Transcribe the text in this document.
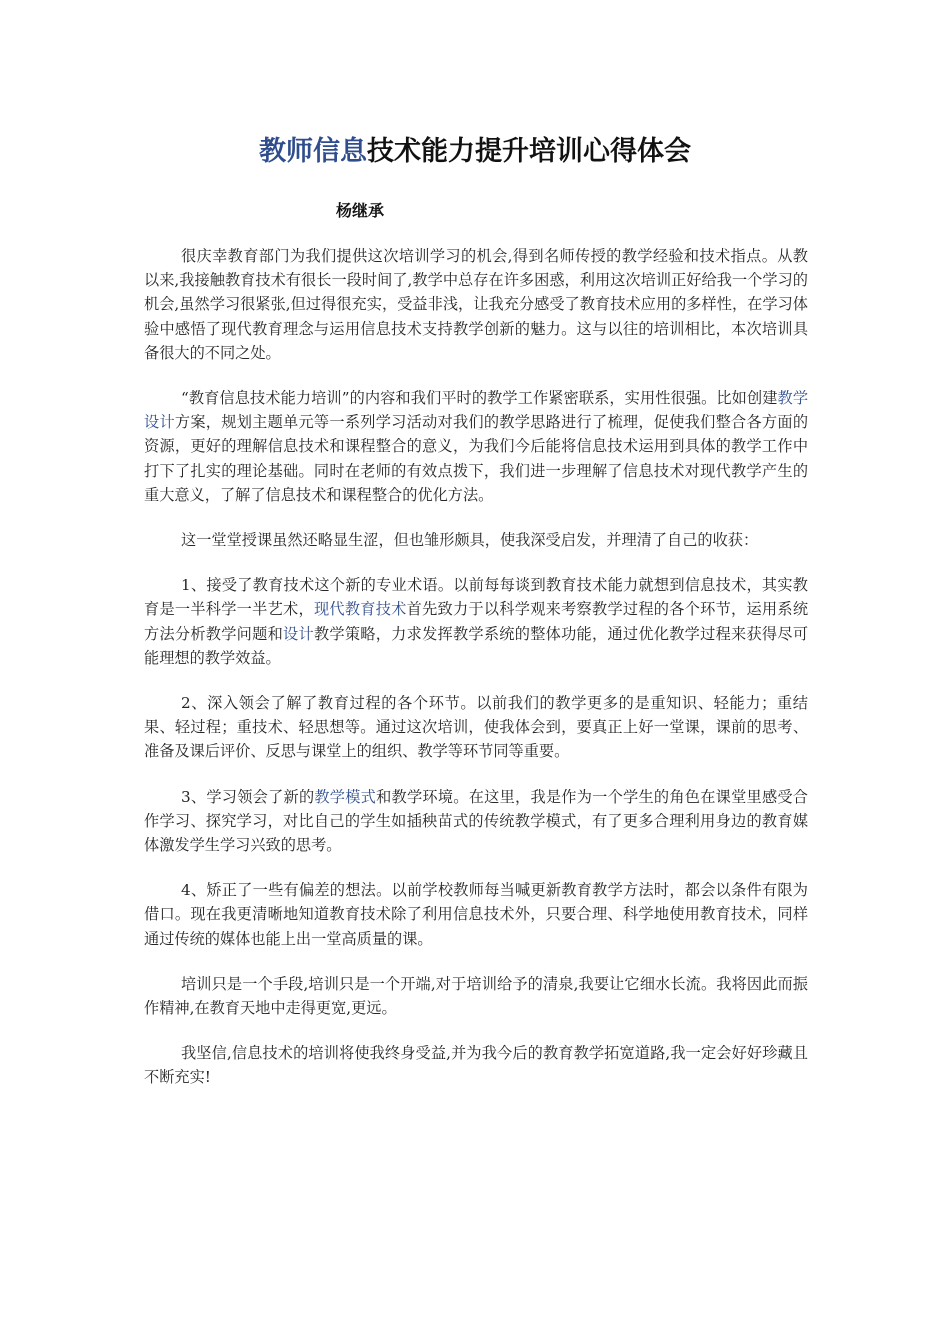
教师信息技术能力提升培训心得体会

杨继承

很庆幸教育部门为我们提供这次培训学习的机会,得到名师传授的教学经验和技术指点。从教以来,我接触教育技术有很长一段时间了,教学中总存在许多困惑，利用这次培训正好给我一个学习的机会,虽然学习很紧张,但过得很充实，受益非浅，让我充分感受了教育技术应用的多样性，在学习体验中感悟了现代教育理念与运用信息技术支持教学创新的魅力。这与以往的培训相比，本次培训具备很大的不同之处。

“教育信息技术能力培训”的内容和我们平时的教学工作紧密联系，实用性很强。比如创建教学设计方案，规划主题单元等一系列学习活动对我们的教学思路进行了梳理，促使我们整合各方面的资源，更好的理解信息技术和课程整合的意义，为我们今后能将信息技术运用到具体的教学工作中打下了扎实的理论基础。同时在老师的有效点拨下，我们进一步理解了信息技术对现代教学产生的重大意义，了解了信息技术和课程整合的优化方法。

这一堂堂授课虽然还略显生涩，但也雏形颇具，使我深受启发，并理清了自己的收获：

1、接受了教育技术这个新的专业术语。以前每每谈到教育技术能力就想到信息技术，其实教育是一半科学一半艺术，现代教育技术首先致力于以科学观来考察教学过程的各个环节，运用系统方法分析教学问题和设计教学策略，力求发挥教学系统的整体功能，通过优化教学过程来获得尽可能理想的教学效益。

2、深入领会了解了教育过程的各个环节。以前我们的教学更多的是重知识、轻能力；重结果、轻过程；重技术、轻思想等。通过这次培训，使我体会到，要真正上好一堂课，课前的思考、准备及课后评价、反思与课堂上的组织、教学等环节同等重要。

3、学习领会了新的教学模式和教学环境。在这里，我是作为一个学生的角色在课堂里感受合作学习、探究学习，对比自己的学生如插秧苗式的传统教学模式，有了更多合理利用身边的教育媒体激发学生学习兴致的思考。

4、矫正了一些有偏差的想法。以前学校教师每当喊更新教育教学方法时，都会以条件有限为借口。现在我更清晰地知道教育技术除了利用信息技术外，只要合理、科学地使用教育技术，同样通过传统的媒体也能上出一堂高质量的课。

培训只是一个手段,培训只是一个开端,对于培训给予的清泉,我要让它细水长流。我将因此而振作精神,在教育天地中走得更宽,更远。

我坚信,信息技术的培训将使我终身受益,并为我今后的教育教学拓宽道路,我一定会好好珍藏且不断充实!
